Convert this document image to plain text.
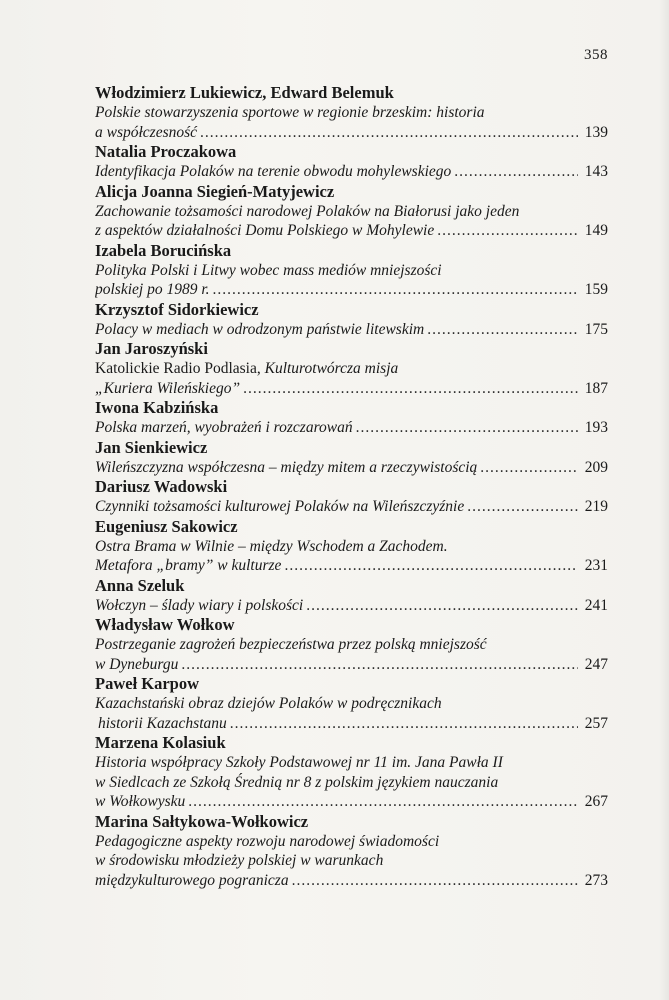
358
Włodzimierz Lukiewicz, Edward Belemuk
Polskie stowarzyszenia sportowe w regionie brzeskim: historia
a współczesność .....	139
Natalia Proczakowa
Identyfikacja Polaków na terenie obwodu mohylewskiego .....	143
Alicja Joanna Siegień-Matyjewicz
Zachowanie tożsamości narodowej Polaków na Białorusi jako jeden
z aspektów działalności Domu Polskiego w Mohylewie .....	149
Izabela Borucińska
Polityka Polski i Litwy wobec mass mediów mniejszości
polskiej po 1989 r. .....	159
Krzysztof Sidorkiewicz
Polacy w mediach w odrodzonym państwie litewskim .....	175
Jan Jaroszyński
Katolickie Radio Podlasia, Kulturotwórcza misja
„Kuriera Wileńskiego” .....	187
Iwona Kabzińska
Polska marzeń, wyobrażeń i rozczarowań .....	193
Jan Sienkiewicz
Wileńszczyzna współczesna – między mitem a rzeczywistością .....	209
Dariusz Wadowski
Czynniki tożsamości kulturowej Polaków na Wileńszczyźnie .....	219
Eugeniusz Sakowicz
Ostra Brama w Wilnie – między Wschodem a Zachodem.
Metafora „bramy” w kulturze .....	231
Anna Szeluk
Wołczyn – ślady wiary i polskości .....	241
Władysław Wołkow
Postrzeganie zagrożeń bezpieczeństwa przez polską mniejszość
w Dyneburgu .....	247
Paweł Karpow
Kazachstański obraz dziejów Polaków w podręcznikach
historii Kazachstanu .....	257
Marzena Kolasiuk
Historia współpracy Szkoły Podstawowej nr 11 im. Jana Pawła II
w Siedlcach ze Szkołą Średnią nr 8 z polskim językiem nauczania
w Wołkowysku .....	267
Marina Sałtykowa-Wołkowicz
Pedagogiczne aspekty rozwoju narodowej świadomości
w środowisku młodzieży polskiej w warunkach
międzykulturowego pogranicza .....	273
